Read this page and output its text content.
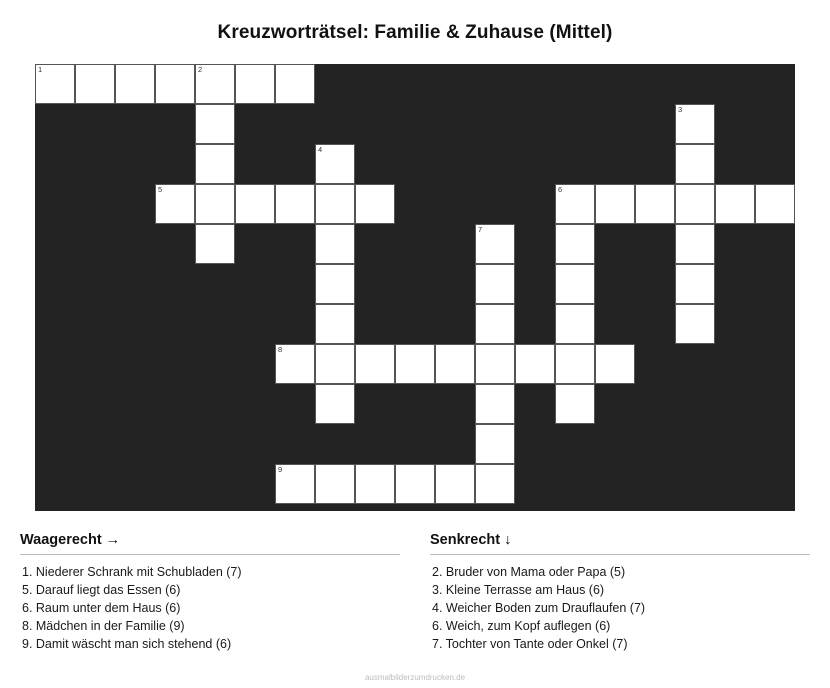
Kreuzworträtsel: Familie & Zuhause (Mittel)
1	2
3
4
5	6
7
8
9
Waagerecht →
1. Niederer Schrank mit Schubladen (7)
5. Darauf liegt das Essen (6)
6. Raum unter dem Haus (6)
8. Mädchen in der Familie (9)
9. Damit wäscht man sich stehend (6)
Senkrecht ↓
2. Bruder von Mama oder Papa (5)
3. Kleine Terrasse am Haus (6)
4. Weicher Boden zum Drauflaufen (7)
6. Weich, zum Kopf auflegen (6)
7. Tochter von Tante oder Onkel (7)
ausmalbilderzumdrucken.de
